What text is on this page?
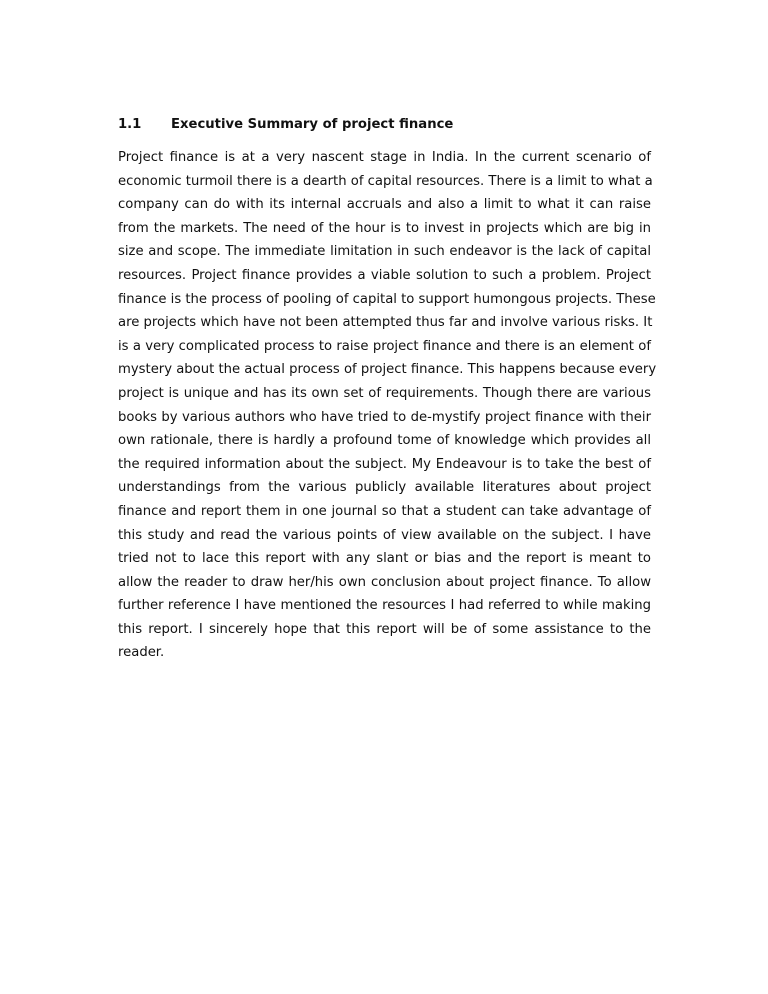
1.1 Executive Summary of project finance
Project finance is at a very nascent stage in India. In the current scenario of
economic turmoil there is a dearth of capital resources. There is a limit to what a
company can do with its internal accruals and also a limit to what it can raise
from the markets. The need of the hour is to invest in projects which are big in
size and scope. The immediate limitation in such endeavor is the lack of capital
resources. Project finance provides a viable solution to such a problem. Project
finance is the process of pooling of capital to support humongous projects. These
are projects which have not been attempted thus far and involve various risks. It
is a very complicated process to raise project finance and there is an element of
mystery about the actual process of project finance. This happens because every
project is unique and has its own set of requirements. Though there are various
books by various authors who have tried to de-mystify project finance with their
own rationale, there is hardly a profound tome of knowledge which provides all
the required information about the subject. My Endeavour is to take the best of
understandings from the various publicly available literatures about project
finance and report them in one journal so that a student can take advantage of
this study and read the various points of view available on the subject. I have
tried not to lace this report with any slant or bias and the report is meant to
allow the reader to draw her/his own conclusion about project finance. To allow
further reference I have mentioned the resources I had referred to while making
this report. I sincerely hope that this report will be of some assistance to the
reader.
